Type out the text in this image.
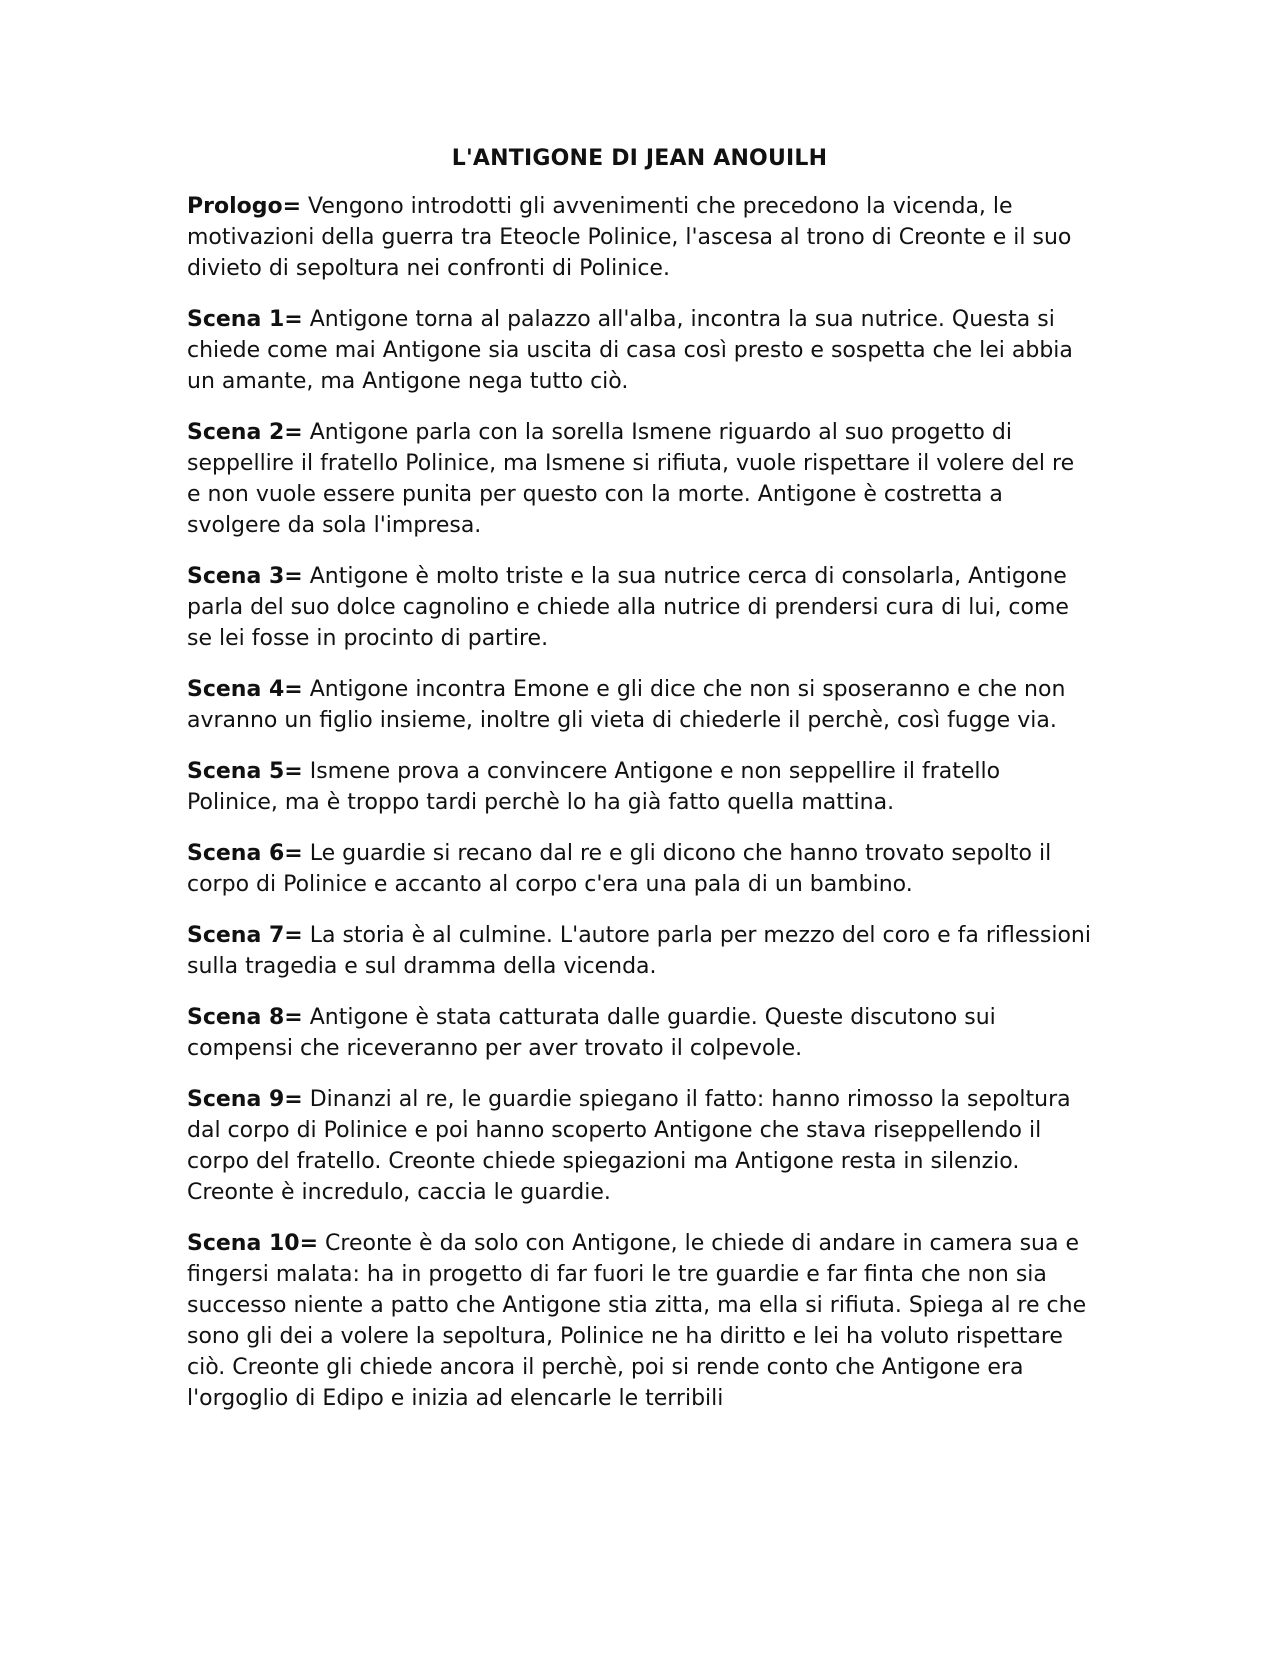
L'ANTIGONE DI JEAN ANOUILH

Prologo= Vengono introdotti gli avvenimenti che precedono la vicenda, le motivazioni della guerra tra Eteocle Polinice, l'ascesa al trono di Creonte e il suo divieto di sepoltura nei confronti di Polinice.

Scena 1= Antigone torna al palazzo all'alba, incontra la sua nutrice. Questa si chiede come mai Antigone sia uscita di casa così presto e sospetta che lei abbia un amante, ma Antigone nega tutto ciò.

Scena 2= Antigone parla con la sorella Ismene riguardo al suo progetto di seppellire il fratello Polinice, ma Ismene si rifiuta, vuole rispettare il volere del re e non vuole essere punita per questo con la morte. Antigone è costretta a svolgere da sola l'impresa.

Scena 3= Antigone è molto triste e la sua nutrice cerca di consolarla, Antigone parla del suo dolce cagnolino e chiede alla nutrice di prendersi cura di lui, come se lei fosse in procinto di partire.

Scena 4= Antigone incontra Emone e gli dice che non si sposeranno e che non avranno un figlio insieme, inoltre gli vieta di chiederle il perchè, così fugge via.

Scena 5= Ismene prova a convincere Antigone e non seppellire il fratello Polinice, ma è troppo tardi perchè lo ha già fatto quella mattina.

Scena 6= Le guardie si recano dal re e gli dicono che hanno trovato sepolto il corpo di Polinice e accanto al corpo c'era una pala di un bambino.

Scena 7= La storia è al culmine. L'autore parla per mezzo del coro e fa riflessioni sulla tragedia e sul dramma della vicenda.

Scena 8= Antigone è stata catturata dalle guardie. Queste discutono sui compensi che riceveranno per aver trovato il colpevole.

Scena 9= Dinanzi al re, le guardie spiegano il fatto: hanno rimosso la sepoltura dal corpo di Polinice e poi hanno scoperto Antigone che stava riseppellendo il corpo del fratello. Creonte chiede spiegazioni ma Antigone resta in silenzio. Creonte è incredulo, caccia le guardie.

Scena 10= Creonte è da solo con Antigone, le chiede di andare in camera sua e fingersi malata: ha in progetto di far fuori le tre guardie e far finta che non sia successo niente a patto che Antigone stia zitta, ma ella si rifiuta. Spiega al re che sono gli dei a volere la sepoltura, Polinice ne ha diritto e lei ha voluto rispettare ciò. Creonte gli chiede ancora il perchè, poi si rende conto che Antigone era l'orgoglio di Edipo e inizia ad elencarle le terribili
